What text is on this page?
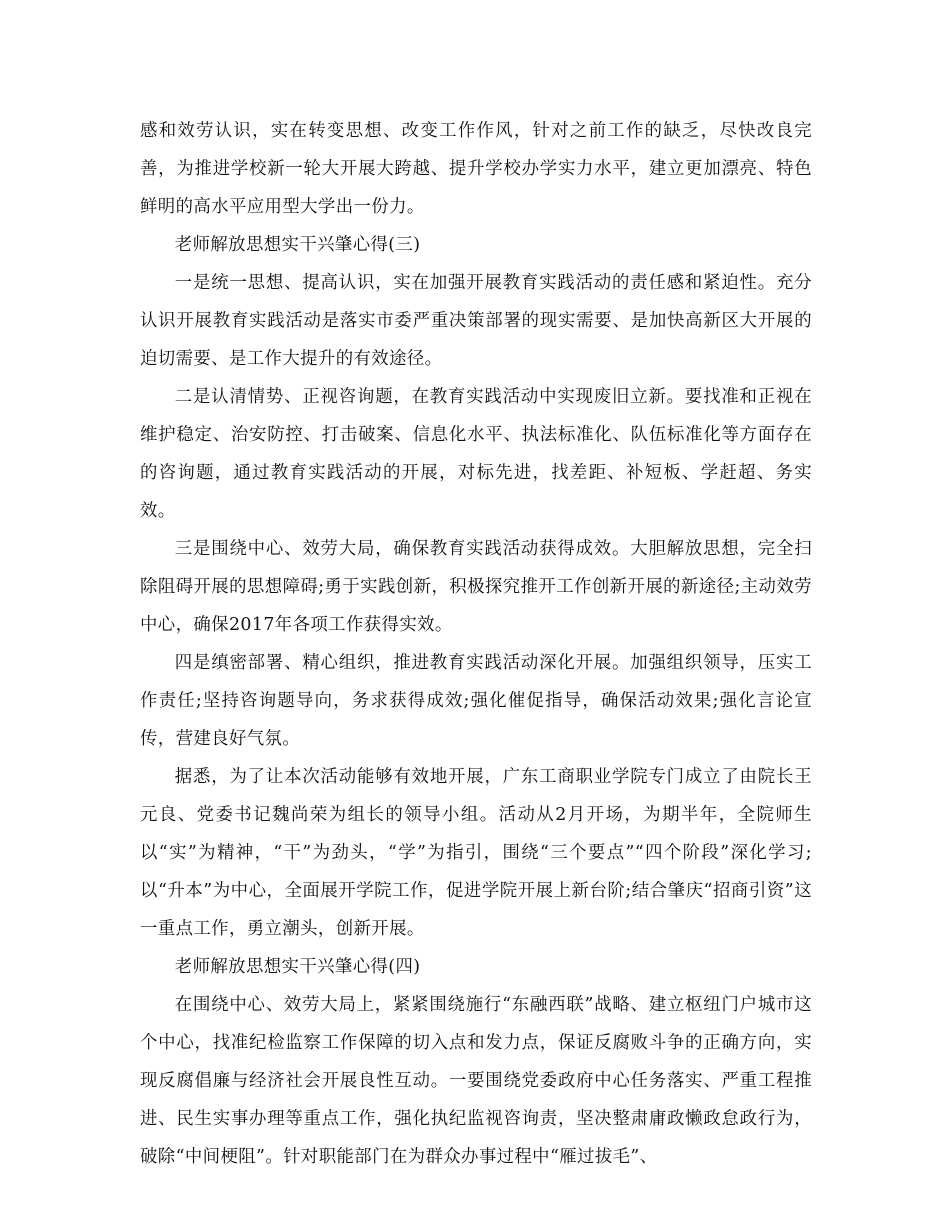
感和效劳认识，实在转变思想、改变工作作风，针对之前工作的缺乏，尽快改良完善，为推进学校新一轮大开展大跨越、提升学校办学实力水平，建立更加漂亮、特色鲜明的高水平应用型大学出一份力。

老师解放思想实干兴肇心得(三)

一是统一思想、提高认识，实在加强开展教育实践活动的责任感和紧迫性。充分认识开展教育实践活动是落实市委严重决策部署的现实需要、是加快高新区大开展的迫切需要、是工作大提升的有效途径。

二是认清情势、正视咨询题，在教育实践活动中实现废旧立新。要找准和正视在维护稳定、治安防控、打击破案、信息化水平、执法标准化、队伍标准化等方面存在的咨询题，通过教育实践活动的开展，对标先进，找差距、补短板、学赶超、务实效。

三是围绕中心、效劳大局，确保教育实践活动获得成效。大胆解放思想，完全扫除阻碍开展的思想障碍;勇于实践创新，积极探究推开工作创新开展的新途径;主动效劳中心，确保2017年各项工作获得实效。

四是缜密部署、精心组织，推进教育实践活动深化开展。加强组织领导，压实工作责任;坚持咨询题导向，务求获得成效;强化催促指导，确保活动效果;强化言论宣传，营建良好气氛。

据悉，为了让本次活动能够有效地开展，广东工商职业学院专门成立了由院长王元良、党委书记魏尚荣为组长的领导小组。活动从2月开场，为期半年，全院师生以“实”为精神，“干”为劲头，“学”为指引，围绕“三个要点”“四个阶段”深化学习;以“升本”为中心，全面展开学院工作，促进学院开展上新台阶;结合肇庆“招商引资”这一重点工作，勇立潮头，创新开展。

老师解放思想实干兴肇心得(四)

在围绕中心、效劳大局上，紧紧围绕施行“东融西联”战略、建立枢纽门户城市这个中心，找准纪检监察工作保障的切入点和发力点，保证反腐败斗争的正确方向，实现反腐倡廉与经济社会开展良性互动。一要围绕党委政府中心任务落实、严重工程推进、民生实事办理等重点工作，强化执纪监视咨询责，坚决整肃庸政懒政怠政行为，破除“中间梗阻”。针对职能部门在为群众办事过程中“雁过拔毛”、
